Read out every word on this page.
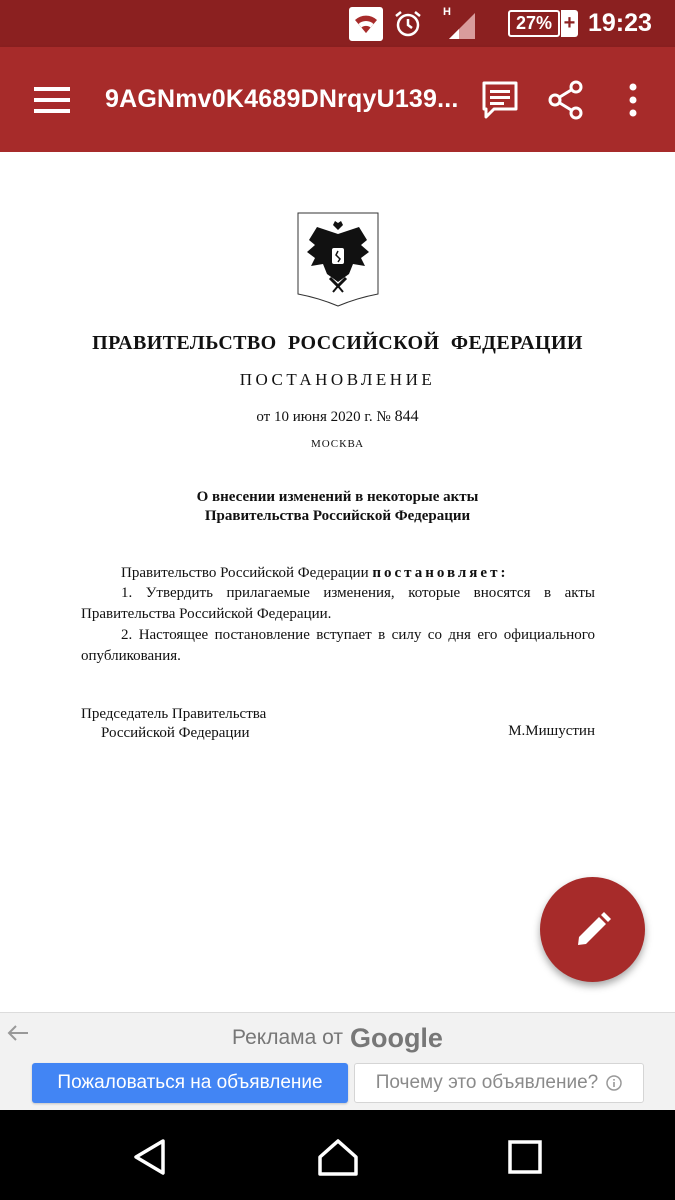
H
27% + 19:23
9AGNmv0K4689DNrqyU139...
ПРАВИТЕЛЬСТВО РОССИЙСКОЙ ФЕДЕРАЦИИ
ПОСТАНОВЛЕНИЕ
от 10 июня 2020 г. № 844
МОСКВА
О внесении изменений в некоторые акты
Правительства Российской Федерации
Правительство Российской Федерации постановляет:
1. Утвердить прилагаемые изменения, которые вносятся в акты Правительства Российской Федерации.
2. Настоящее постановление вступает в силу со дня его официального опубликования.
Председатель Правительства
Российской Федерации	М.Мишустин
Реклама от Google
Пожаловаться на объявление	Почему это объявление?
